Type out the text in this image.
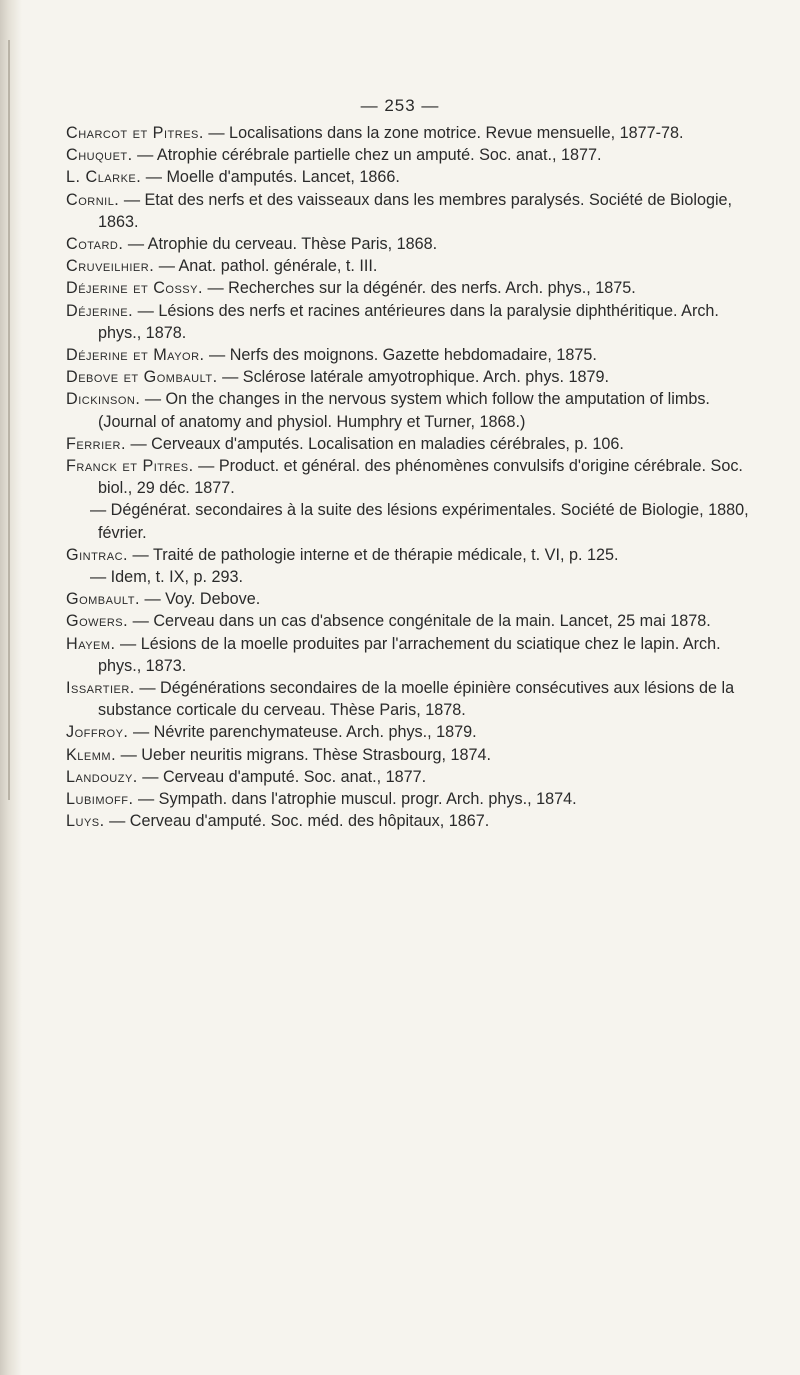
— 253 —

Charcot et Pitres. — Localisations dans la zone motrice. Revue mensuelle, 1877-78.

Chuquet. — Atrophie cérébrale partielle chez un amputé. Soc. anat., 1877.

L. Clarke. — Moelle d'amputés. Lancet, 1866.

Cornil. — Etat des nerfs et des vaisseaux dans les membres paralysés. Société de Biologie, 1863.

Cotard. — Atrophie du cerveau. Thèse Paris, 1868.

Cruveilhier. — Anat. pathol. générale, t. III.

Déjerine et Cossy. — Recherches sur la dégénér. des nerfs. Arch. phys., 1875.

Déjerine. — Lésions des nerfs et racines antérieures dans la paralysie diphthéritique. Arch. phys., 1878.

Déjerine et Mayor. — Nerfs des moignons. Gazette hebdomadaire, 1875.

Debove et Gombault. — Sclérose latérale amyotrophique. Arch. phys. 1879.

Dickinson. — On the changes in the nervous system which follow the amputation of limbs. (Journal of anatomy and physiol. Humphry et Turner, 1868.)

Ferrier. — Cerveaux d'amputés. Localisation en maladies cérébrales, p. 106.

Franck et Pitres. — Product. et général. des phénomènes convulsifs d'origine cérébrale. Soc. biol., 29 déc. 1877.

— Dégénérat. secondaires à la suite des lésions expérimentales. Société de Biologie, 1880, février.

Gintrac. — Traité de pathologie interne et de thérapie médicale, t. VI, p. 125.

— Idem, t. IX, p. 293.

Gombault. — Voy. Debove.

Gowers. — Cerveau dans un cas d'absence congénitale de la main. Lancet, 25 mai 1878.

Hayem. — Lésions de la moelle produites par l'arrachement du sciatique chez le lapin. Arch. phys., 1873.

Issartier. — Dégénérations secondaires de la moelle épinière consécutives aux lésions de la substance corticale du cerveau. Thèse Paris, 1878.

Joffroy. — Névrite parenchymateuse. Arch. phys., 1879.

Klemm. — Ueber neuritis migrans. Thèse Strasbourg, 1874.

Landouzy. — Cerveau d'amputé. Soc. anat., 1877.

Lubimoff. — Sympath. dans l'atrophie muscul. progr. Arch. phys., 1874.

Luys. — Cerveau d'amputé. Soc. méd. des hôpitaux, 1867.
